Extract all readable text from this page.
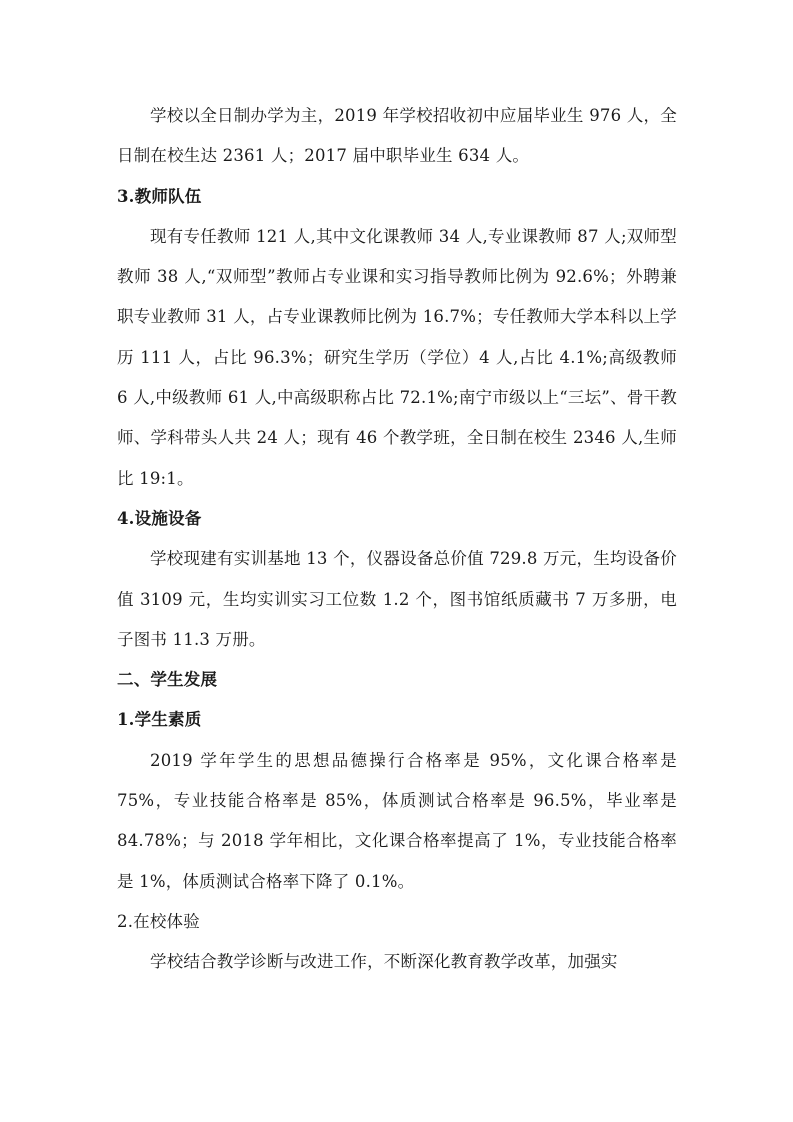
学校以全日制办学为主，2019 年学校招收初中应届毕业生 976 人，全日制在校生达 2361 人；2017 届中职毕业生 634 人。

3.教师队伍

现有专任教师 121 人,其中文化课教师 34 人,专业课教师 87 人;双师型教师 38 人,“双师型”教师占专业课和实习指导教师比例为 92.6%；外聘兼职专业教师 31 人，占专业课教师比例为 16.7%；专任教师大学本科以上学历 111 人，占比 96.3%；研究生学历（学位）4 人,占比 4.1%;高级教师 6 人,中级教师 61 人,中高级职称占比 72.1%;南宁市级以上“三坛”、骨干教师、学科带头人共 24 人；现有 46 个教学班，全日制在校生 2346 人,生师比 19:1。

4.设施设备

学校现建有实训基地 13 个，仪器设备总价值 729.8 万元，生均设备价值 3109 元，生均实训实习工位数 1.2 个，图书馆纸质藏书 7 万多册，电子图书 11.3 万册。

二、学生发展

1.学生素质

2019 学年学生的思想品德操行合格率是 95%，文化课合格率是 75%，专业技能合格率是 85%，体质测试合格率是 96.5%，毕业率是 84.78%；与 2018 学年相比，文化课合格率提高了 1%，专业技能合格率是 1%，体质测试合格率下降了 0.1%。

2.在校体验

学校结合教学诊断与改进工作，不断深化教育教学改革，加强实
